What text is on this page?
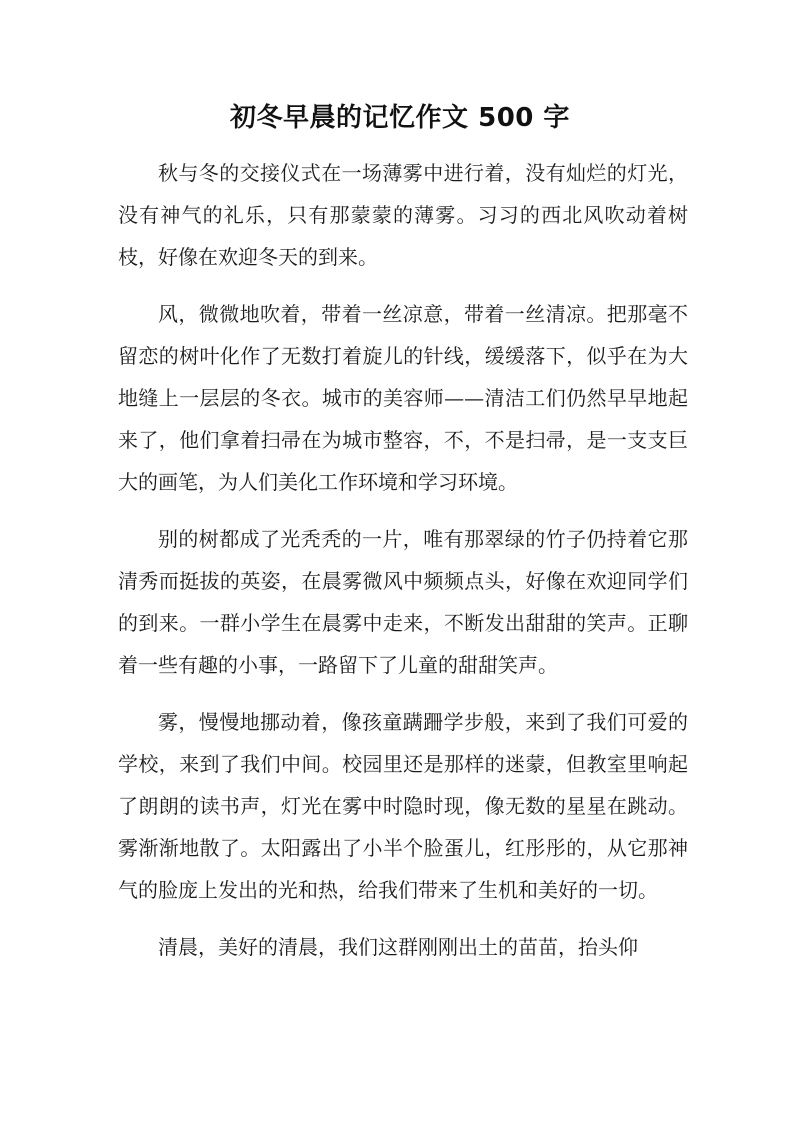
初冬早晨的记忆作文 500 字

秋与冬的交接仪式在一场薄雾中进行着，没有灿烂的灯光，没有神气的礼乐，只有那蒙蒙的薄雾。习习的西北风吹动着树枝，好像在欢迎冬天的到来。

风，微微地吹着，带着一丝凉意，带着一丝清凉。把那毫不留恋的树叶化作了无数打着旋儿的针线，缓缓落下，似乎在为大地缝上一层层的冬衣。城市的美容师——清洁工们仍然早早地起来了，他们拿着扫帚在为城市整容，不，不是扫帚，是一支支巨大的画笔，为人们美化工作环境和学习环境。

别的树都成了光秃秃的一片，唯有那翠绿的竹子仍持着它那清秀而挺拔的英姿，在晨雾微风中频频点头，好像在欢迎同学们的到来。一群小学生在晨雾中走来，不断发出甜甜的笑声。正聊着一些有趣的小事，一路留下了儿童的甜甜笑声。

雾，慢慢地挪动着，像孩童蹒跚学步般，来到了我们可爱的学校，来到了我们中间。校园里还是那样的迷蒙，但教室里响起了朗朗的读书声，灯光在雾中时隐时现，像无数的星星在跳动。雾渐渐地散了。太阳露出了小半个脸蛋儿，红彤彤的，从它那神气的脸庞上发出的光和热，给我们带来了生机和美好的一切。

清晨，美好的清晨，我们这群刚刚出土的苗苗，抬头仰
